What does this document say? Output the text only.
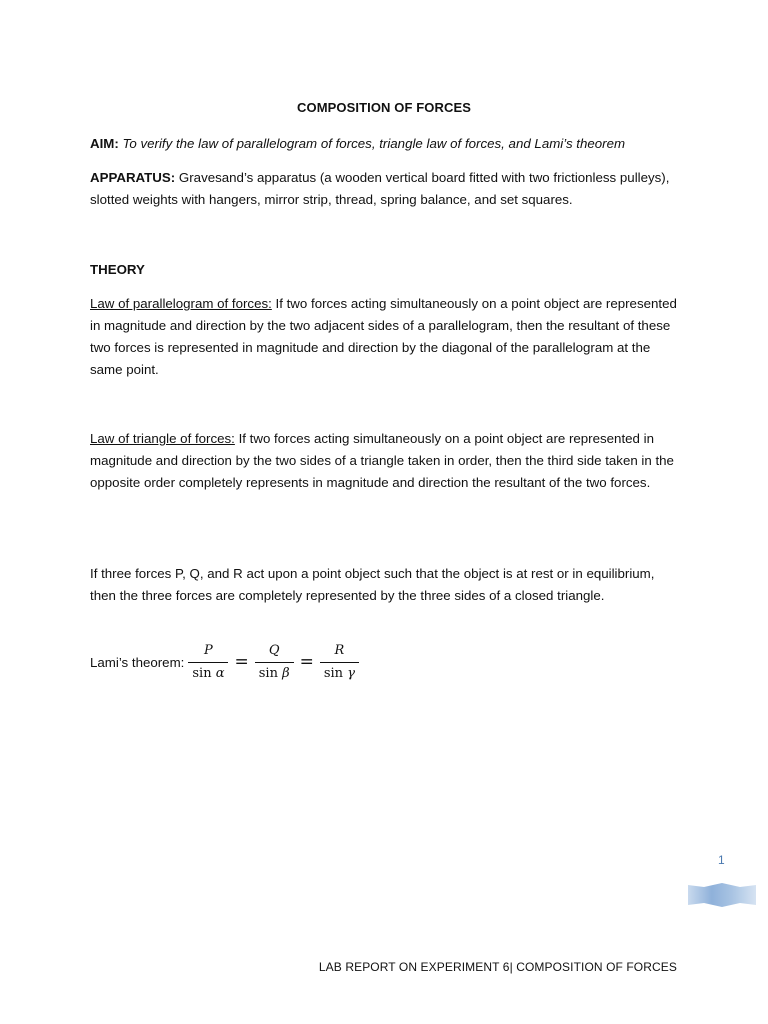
COMPOSITION OF FORCES
AIM: To verify the law of parallelogram of forces, triangle law of forces, and Lami’s theorem
APPARATUS: Gravesand’s apparatus (a wooden vertical board fitted with two frictionless pulleys), slotted weights with hangers, mirror strip, thread, spring balance, and set squares.
THEORY
Law of parallelogram of forces: If two forces acting simultaneously on a point object are represented in magnitude and direction by the two adjacent sides of a parallelogram, then the resultant of these two forces is represented in magnitude and direction by the diagonal of the parallelogram at the same point.
Law of triangle of forces: If two forces acting simultaneously on a point object are represented in magnitude and direction by the two sides of a triangle taken in order, then the third side taken in the opposite order completely represents in magnitude and direction the resultant of the two forces.
If three forces P, Q, and R act upon a point object such that the object is at rest or in equilibrium, then the three forces are completely represented by the three sides of a closed triangle.
Lami’s theorem: $\frac{P}{\text{sin α}} = \frac{Q}{\text{sin β}} = \frac{R}{\text{sin γ}}$
1
LAB REPORT ON EXPERIMENT 6| COMPOSITION OF FORCES
